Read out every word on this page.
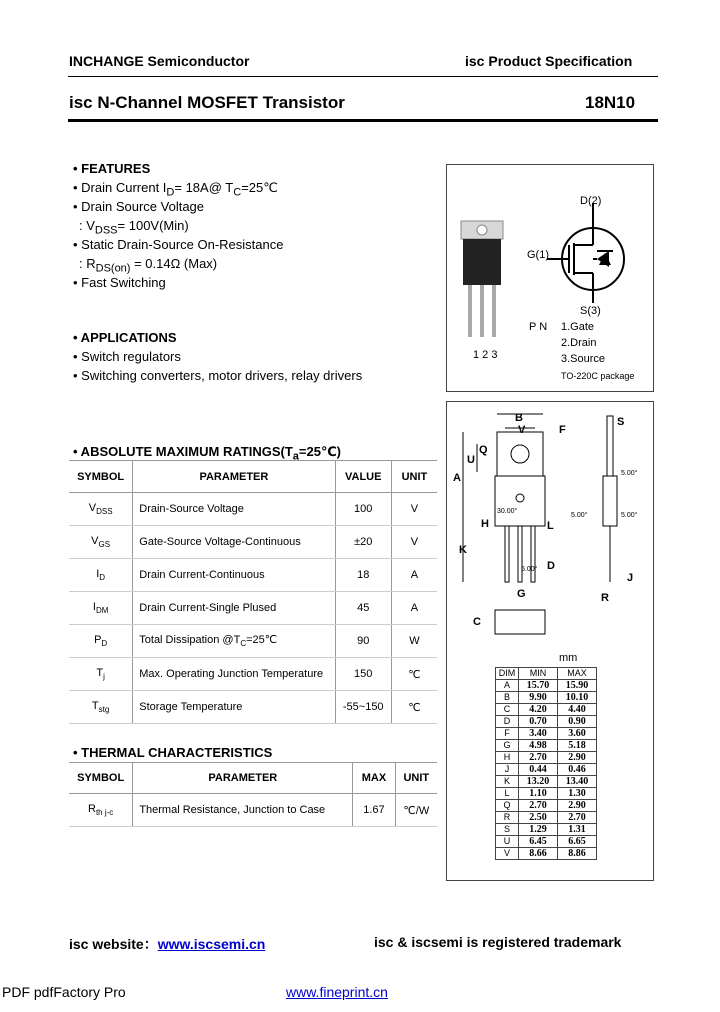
INCHANGE Semiconductor	isc Product Specification
isc N-Channel MOSFET Transistor	18N10
• FEATURES
• Drain Current $I_D=$ 18A@ $T_C=25℃$
• Drain Source Voltage
: $V_{DSS}= 100V(Min)$
• Static Drain-Source On-Resistance
: $R_{DS(on)} = 0.14\Omega$ (Max)
• Fast Switching
• APPLICATIONS
• Switch regulators
• Switching converters, motor drivers, relay drivers
D(2)
G(1)
S(3)
1 2 3
P N 1.Gate
2.Drain
3.Source
TO-220C package
B
V	F
S
Q
U
A
H	L
K
D
G
C
J
R
30.00°
5.00°
5.00°	5.00°
5.00°
mm
DIM	MIN	MAX
A	15.70	15.90
B	9.90	10.10
C	4.20	4.40
D	0.70	0.90
F	3.40	3.60
G	4.98	5.18
H	2.70	2.90
J	0.44	0.46
K	13.20	13.40
L	1.10	1.30
Q	2.70	2.90
R	2.50	2.70
S	1.29	1.31
U	6.45	6.65
V	8.66	8.86
• ABSOLUTE MAXIMUM $RATINGS(T_a=25℃)$
SYMBOL	PARAMETER	VALUE	UNIT
$V_{DSS}$	Drain-Source Voltage	100	V
$V_{GS}$	Gate-Source Voltage-Continuous	±20	V
$I_D$	Drain Current-Continuous	18	A
$I_{DM}$	Drain Current-Single Plused	45	A
$P_D$	Total Dissipation $@T_C=25℃$	90	W
$T_j$	Max. Operating Junction Temperature	150	℃
$T_{stg}$	Storage Temperature	-55~150	℃
• THERMAL CHARACTERISTICS
SYMBOL	PARAMETER	MAX	UNIT
$R_{th j-c}$	Thermal Resistance, Junction to Case	1.67	℃/W
isc website：www.iscsemi.cn	isc & iscsemi is registered trademark
PDF pdfFactory Pro	www.fineprint.cn
